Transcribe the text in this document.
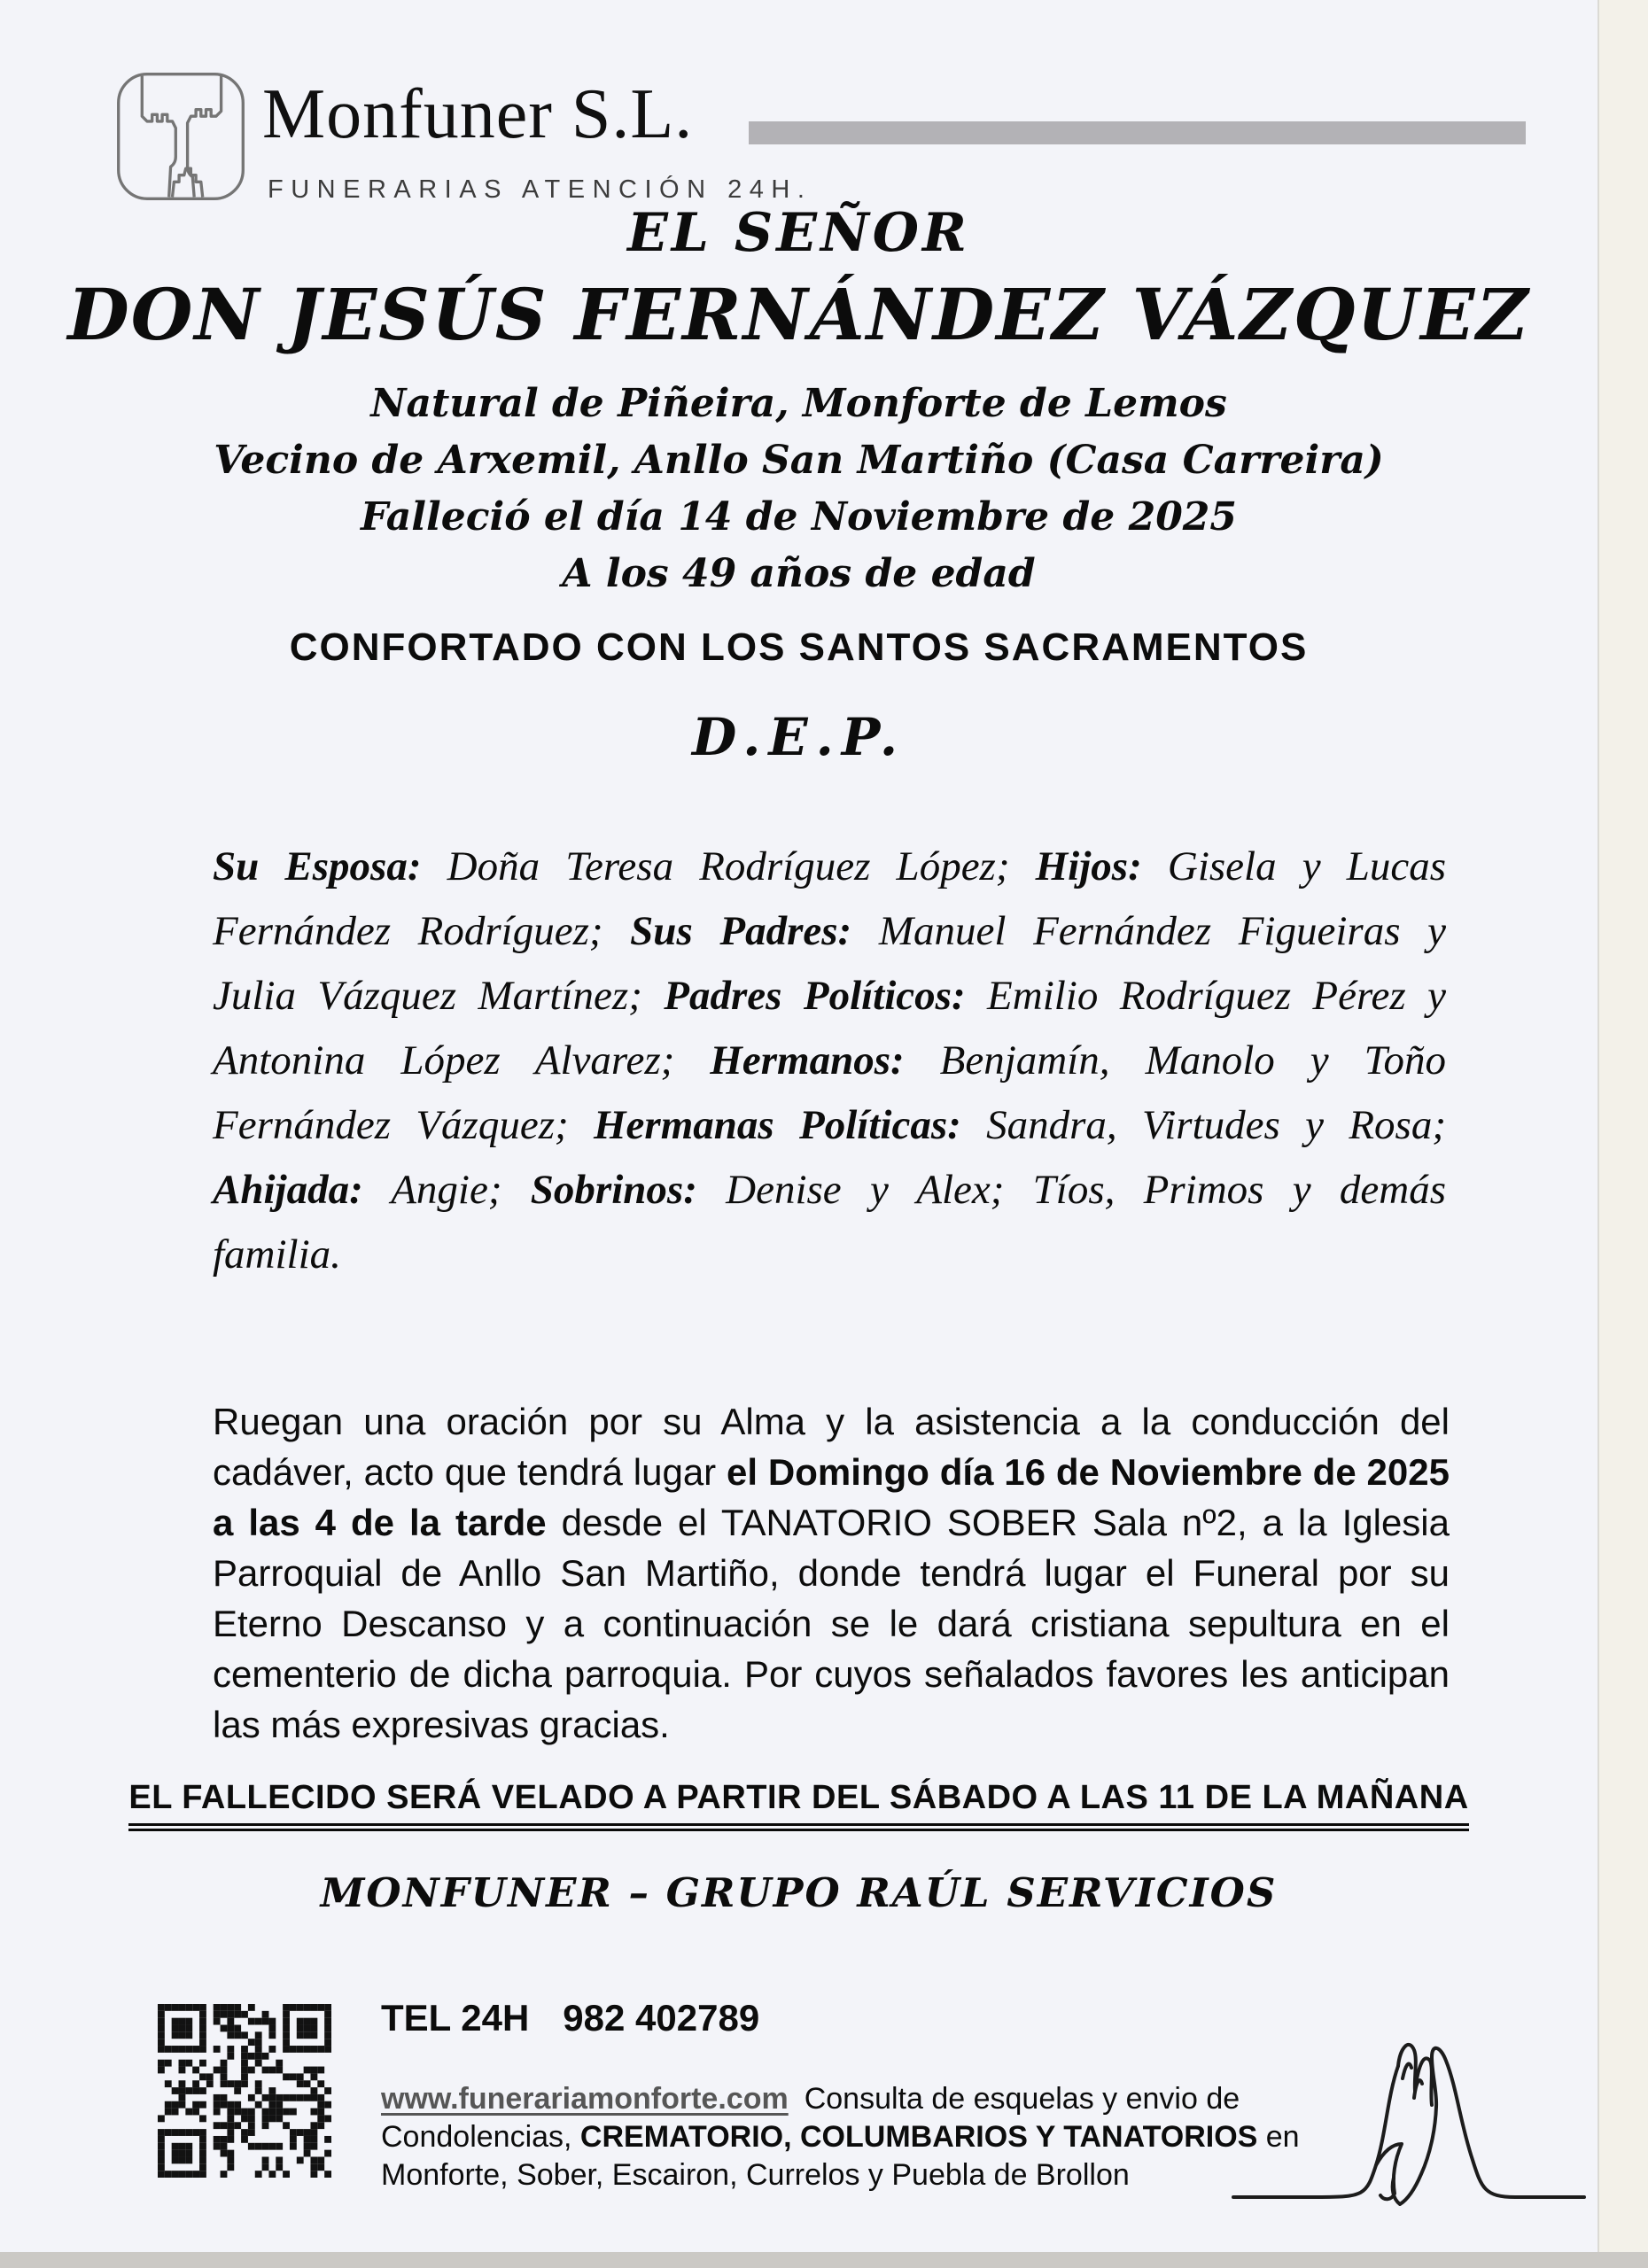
Monfuner S.L.
FUNERARIAS ATENCIÓN 24H.
EL SEÑOR
DON JESÚS FERNÁNDEZ VÁZQUEZ
Natural de Piñeira, Monforte de Lemos
Vecino de Arxemil, Anllo San Martiño (Casa Carreira)
Falleció el día 14 de Noviembre de 2025
A los 49 años de edad
CONFORTADO CON LOS SANTOS SACRAMENTOS
D.E.P.
Su Esposa: Doña Teresa Rodríguez López; Hijos: Gisela y Lucas Fernández Rodríguez; Sus Padres: Manuel Fernández Figueiras y Julia Vázquez Martínez; Padres Políticos: Emilio Rodríguez Pérez y Antonina López Alvarez; Hermanos: Benjamín, Manolo y Toño Fernández Vázquez; Hermanas Políticas: Sandra, Virtudes y Rosa; Ahijada: Angie; Sobrinos: Denise y Alex; Tíos, Primos y demás familia.
Ruegan una oración por su Alma y la asistencia a la conducción del cadáver, acto que tendrá lugar el Domingo día 16 de Noviembre de 2025 a las 4 de la tarde desde el TANATORIO SOBER Sala nº2, a la Iglesia Parroquial de Anllo San Martiño, donde tendrá lugar el Funeral por su Eterno Descanso y a continuación se le dará cristiana sepultura en el cementerio de dicha parroquia. Por cuyos señalados favores les anticipan las más expresivas gracias.
EL FALLECIDO SERÁ VELADO A PARTIR DEL SÁBADO A LAS 11 DE LA MAÑANA
MONFUNER – GRUPO RAÚL SERVICIOS
TEL 24H 982 402789
www.funerariamonforte.com Consulta de esquelas y envio de
Condolencias, CREMATORIO, COLUMBARIOS Y TANATORIOS en
Monforte, Sober, Escairon, Currelos y Puebla de Brollon
